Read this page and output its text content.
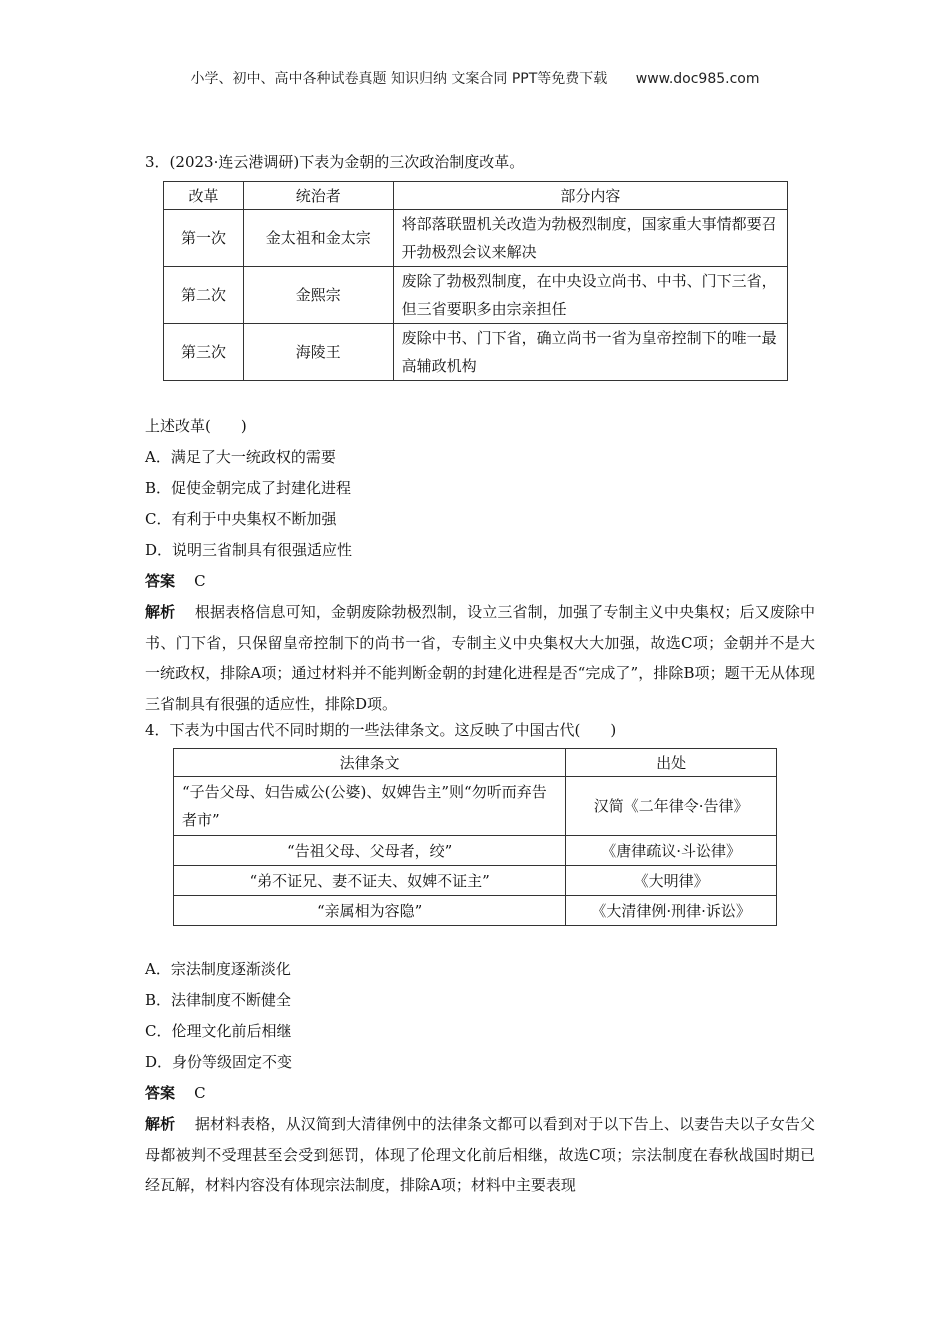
小学、初中、高中各种试卷真题 知识归纳 文案合同 PPT等免费下载 www.doc985.com
3．(2023·连云港调研)下表为金朝的三次政治制度改革。
改革	统治者	部分内容
第一次	金太祖和金太宗	将部落联盟机关改造为勃极烈制度，国家重大事情都要召开勃极烈会议来解决
第二次	金熙宗	废除了勃极烈制度，在中央设立尚书、中书、门下三省，但三省要职多由宗亲担任
第三次	海陵王	废除中书、门下省，确立尚书一省为皇帝控制下的唯一最高辅政机构
上述改革(　　)
A．满足了大一统政权的需要
B．促使金朝完成了封建化进程
C．有利于中央集权不断加强
D．说明三省制具有很强适应性
答案 C
解析 根据表格信息可知，金朝废除勃极烈制，设立三省制，加强了专制主义中央集权；后又废除中书、门下省，只保留皇帝控制下的尚书一省，专制主义中央集权大大加强，故选C项；金朝并不是大一统政权，排除A项；通过材料并不能判断金朝的封建化进程是否“完成了”，排除B项；题干无从体现三省制具有很强的适应性，排除D项。
4．下表为中国古代不同时期的一些法律条文。这反映了中国古代(　　)
法律条文	出处
“子告父母、妇告威公(公婆)、奴婢告主”则“勿听而弃告者市”	汉简《二年律令·告律》
“告祖父母、父母者，绞”	《唐律疏议·斗讼律》
“弟不证兄、妻不证夫、奴婢不证主”	《大明律》
“亲属相为容隐”	《大清律例·刑律·诉讼》
A．宗法制度逐渐淡化
B．法律制度不断健全
C．伦理文化前后相继
D．身份等级固定不变
答案 C
解析 据材料表格，从汉简到大清律例中的法律条文都可以看到对于以下告上、以妻告夫以子女告父母都被判不受理甚至会受到惩罚，体现了伦理文化前后相继，故选C项；宗法制度在春秋战国时期已经瓦解，材料内容没有体现宗法制度，排除A项；材料中主要表现
